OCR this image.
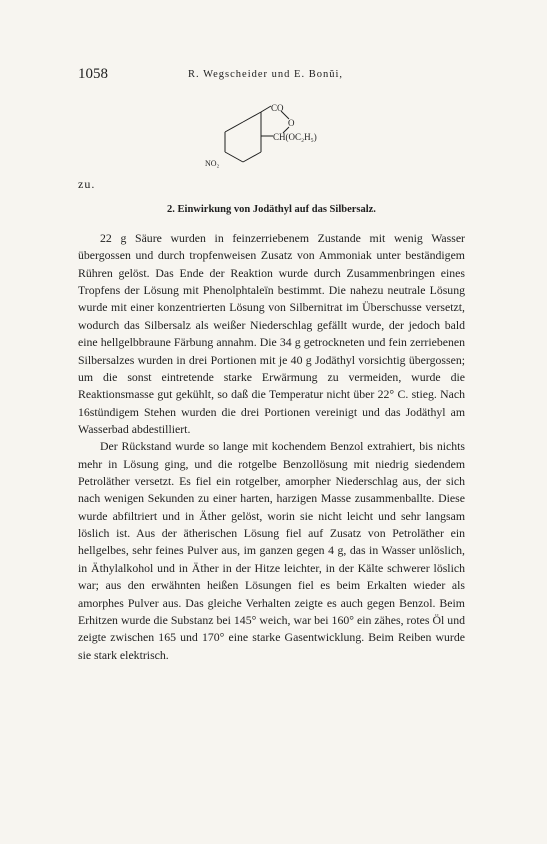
1058	R. Wegscheider und E. Bonŭi,
CO
O
CH(OC₂H₅)
NO₂
zu.
2. Einwirkung von Jodäthyl auf das Silbersalz.

22 g Säure wurden in feinzerriebenem Zustande mit wenig Wasser übergossen und durch tropfenweisen Zusatz von Ammoniak unter beständigem Rühren gelöst. Das Ende der Reaktion wurde durch Zusammenbringen eines Tropfens der Lösung mit Phenolphtaleïn bestimmt. Die nahezu neutrale Lösung wurde mit einer konzentrierten Lösung von Silbernitrat im Überschusse versetzt, wodurch das Silbersalz als weißer Niederschlag gefällt wurde, der jedoch bald eine hellgelbbraune Färbung annahm. Die 34 g getrockneten und fein zerriebenen Silbersalzes wurden in drei Portionen mit je 40 g Jodäthyl vorsichtig übergossen; um die sonst eintretende starke Erwärmung zu vermeiden, wurde die Reaktionsmasse gut gekühlt, so daß die Temperatur nicht über 22° C. stieg. Nach 16stündigem Stehen wurden die drei Portionen vereinigt und das Jodäthyl am Wasserbad abdestilliert.

Der Rückstand wurde so lange mit kochendem Benzol extrahiert, bis nichts mehr in Lösung ging, und die rotgelbe Benzollösung mit niedrig siedendem Petroläther versetzt. Es fiel ein rotgelber, amorpher Niederschlag aus, der sich nach wenigen Sekunden zu einer harten, harzigen Masse zusammenballte. Diese wurde abfiltriert und in Äther gelöst, worin sie nicht leicht und sehr langsam löslich ist. Aus der ätherischen Lösung fiel auf Zusatz von Petroläther ein hellgelbes, sehr feines Pulver aus, im ganzen gegen 4 g, das in Wasser unlöslich, in Äthylalkohol und in Äther in der Hitze leichter, in der Kälte schwerer löslich war; aus den erwähnten heißen Lösungen fiel es beim Erkalten wieder als amorphes Pulver aus. Das gleiche Verhalten zeigte es auch gegen Benzol. Beim Erhitzen wurde die Substanz bei 145° weich, war bei 160° ein zähes, rotes Öl und zeigte zwischen 165 und 170° eine starke Gasentwicklung. Beim Reiben wurde sie stark elektrisch.
